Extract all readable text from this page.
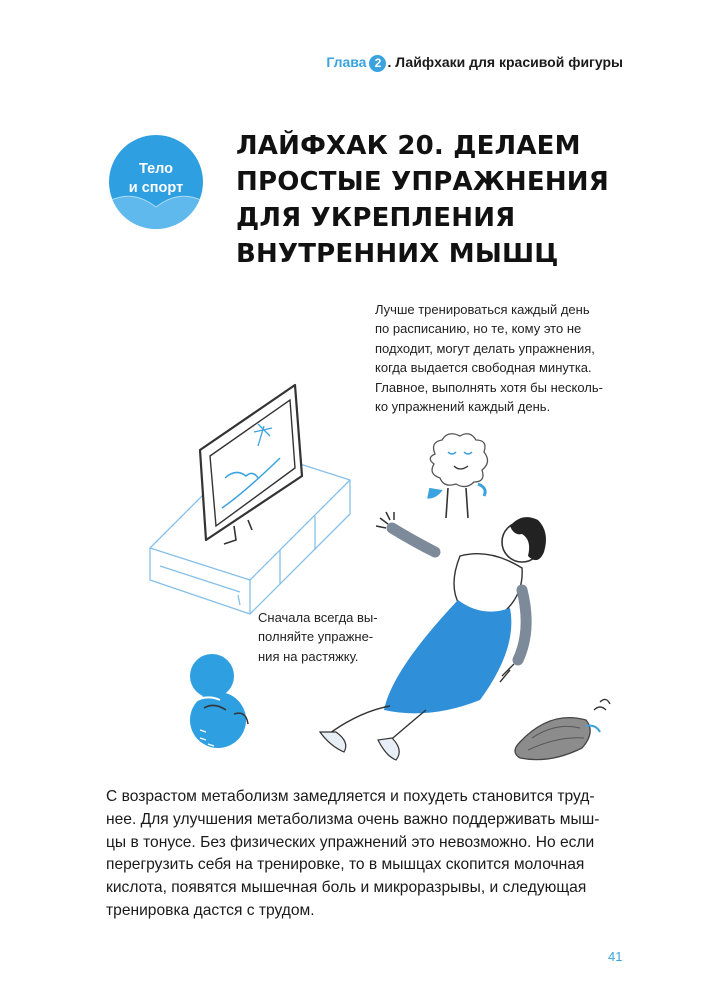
Глава 2 . Лайфхаки для красивой фигуры
Тело
и спорт
ЛАЙФХАК 20. ДЕЛАЕМ
ПРОСТЫЕ УПРАЖНЕНИЯ
ДЛЯ УКРЕПЛЕНИЯ
ВНУТРЕННИХ МЫШЦ
Лучше тренироваться каждый день
по расписанию, но те, кому это не
подходит, могут делать упражнения,
когда выдается свободная минутка.
Главное, выполнять хотя бы несколь-
ко упражнений каждый день.
Сначала всегда вы-
полняйте упражне-
ния на растяжку.
С возрастом метаболизм замедляется и похудеть становится труд-
нее. Для улучшения метаболизма очень важно поддерживать мыш-
цы в тонусе. Без физических упражнений это невозможно. Но если
перегрузить себя на тренировке, то в мышцах скопится молочная
кислота, появятся мышечная боль и микроразрывы, и следующая
тренировка дастся с трудом.
41
